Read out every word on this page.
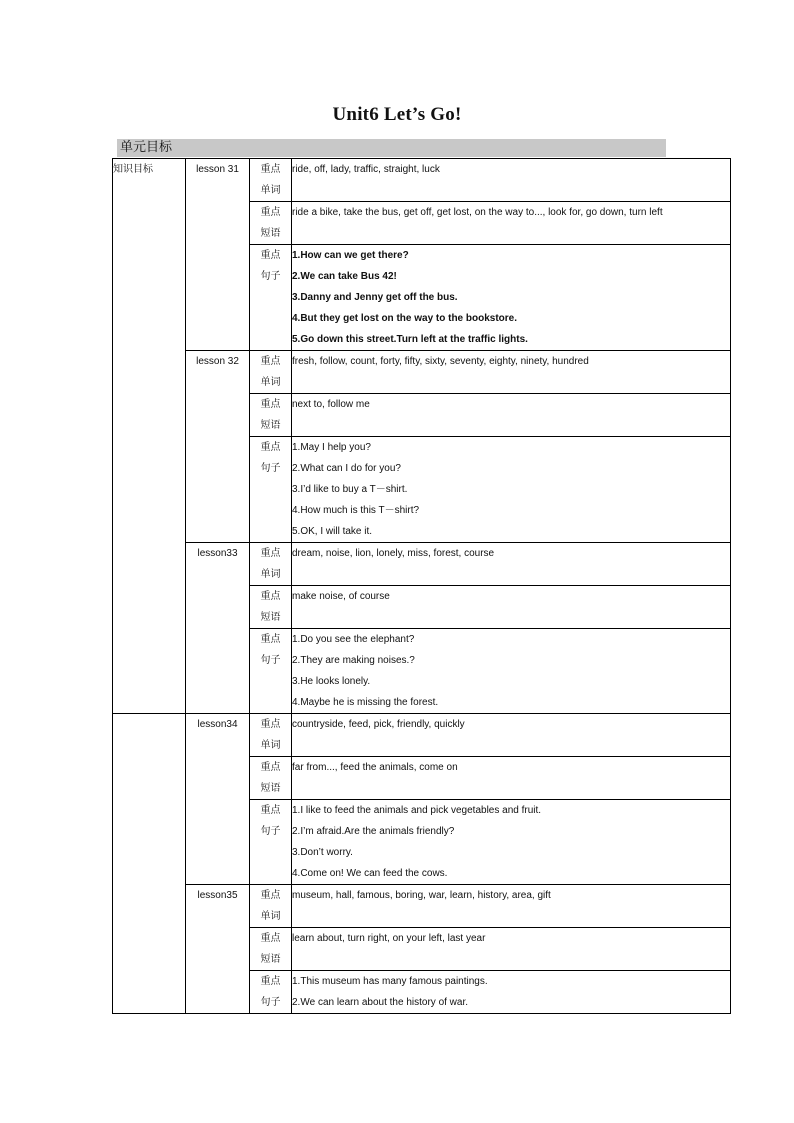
Unit6 Let’s Go!
单元目标
知识目标	lesson 31	重点
单词	ride, off, lady, traffic, straight, luck

		重点
短语	ride a bike, take the bus, get off, get lost, on the way to..., look for, go down, turn left

		重点
句子	1.How can we get there?
2.We can take Bus 42!
3.Danny and Jenny get off the bus.
4.But they get lost on the way to the bookstore.
5.Go down this street.Turn left at the traffic lights.

	lesson 32	重点
单词	fresh, follow, count, forty, fifty, sixty, seventy, eighty, ninety, hundred

		重点
短语	next to, follow me

		重点
句子	1.May I help you?
2.What can I do for you?
3.I’d like to buy a T－shirt.
4.How much is this T－shirt?
5.OK, I will take it.

	lesson33	重点
单词	dream, noise, lion, lonely, miss, forest, course

		重点
短语	make noise, of course

		重点
句子	1.Do you see the elephant?
2.They are making noises.?
3.He looks lonely.
4.Maybe he is missing the forest.

	lesson34	重点
单词	countryside, feed, pick, friendly, quickly

		重点
短语	far from..., feed the animals, come on

		重点
句子	1.I like to feed the animals and pick vegetables and fruit.
2.I’m afraid.Are the animals friendly?
3.Don’t worry.
4.Come on! We can feed the cows.

	lesson35	重点
单词	museum, hall, famous, boring, war, learn, history, area, gift

		重点
短语	learn about, turn right, on your left, last year

		重点
句子	1.This museum has many famous paintings.
2.We can learn about the history of war.
